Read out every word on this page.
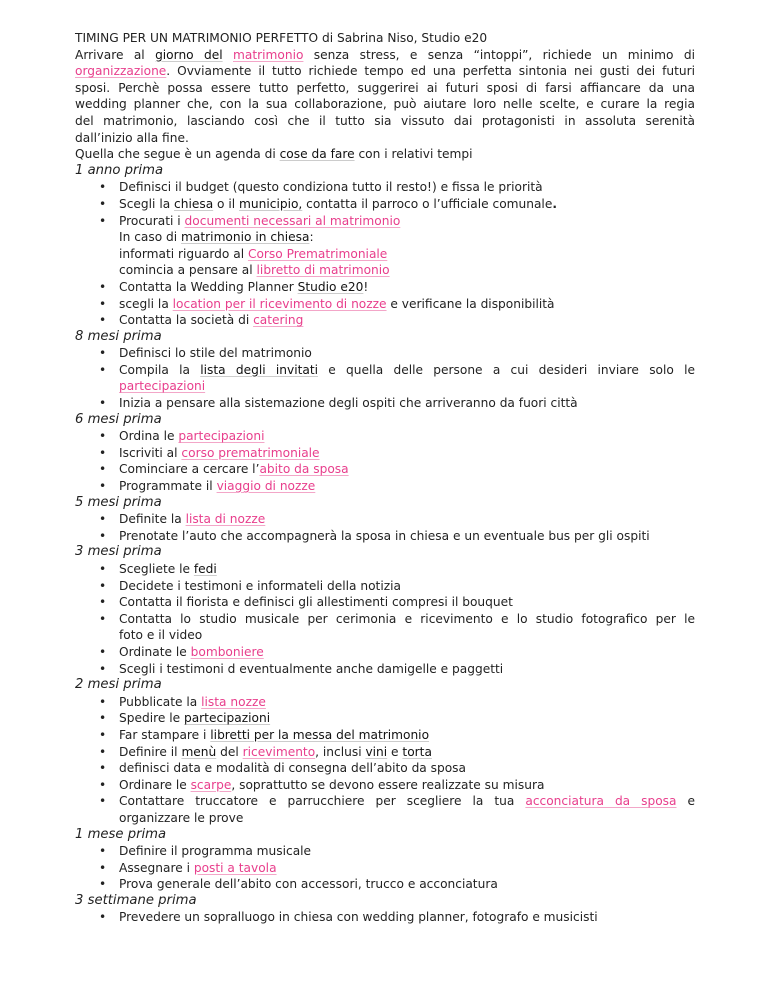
TIMING PER UN MATRIMONIO PERFETTO di Sabrina Niso, Studio e20
Arrivare al giorno del matrimonio senza stress, e senza “intoppi”, richiede un minimo di
organizzazione. Ovviamente il tutto richiede tempo ed una perfetta sintonia nei gusti dei futuri
sposi. Perchè possa essere tutto perfetto, suggerirei ai futuri sposi di farsi affiancare da una
wedding planner che, con la sua collaborazione, può aiutare loro nelle scelte, e curare la regia
del matrimonio, lasciando così che il tutto sia vissuto dai protagonisti in assoluta serenità
dall’inizio alla fine.
Quella che segue è un agenda di cose da fare con i relativi tempi
1 anno prima
• Definisci il budget (questo condiziona tutto il resto!) e fissa le priorità
• Scegli la chiesa o il municipio, contatta il parroco o l’ufficiale comunale.
• Procurati i documenti necessari al matrimonio
In caso di matrimonio in chiesa:
informati riguardo al Corso Prematrimoniale
comincia a pensare al libretto di matrimonio
• Contatta la Wedding Planner Studio e20!
• scegli la location per il ricevimento di nozze e verificane la disponibilità
• Contatta la società di catering
8 mesi prima
• Definisci lo stile del matrimonio
• Compila la lista degli invitati e quella delle persone a cui desideri inviare solo le
partecipazioni
• Inizia a pensare alla sistemazione degli ospiti che arriveranno da fuori città
6 mesi prima
• Ordina le partecipazioni
• Iscriviti al corso prematrimoniale
• Cominciare a cercare l’abito da sposa
• Programmate il viaggio di nozze
5 mesi prima
• Definite la lista di nozze
• Prenotate l’auto che accompagnerà la sposa in chiesa e un eventuale bus per gli ospiti
3 mesi prima
• Scegliete le fedi
• Decidete i testimoni e informateli della notizia
• Contatta il fiorista e definisci gli allestimenti compresi il bouquet
• Contatta lo studio musicale per cerimonia e ricevimento e lo studio fotografico per le
foto e il video
• Ordinate le bomboniere
• Scegli i testimoni d eventualmente anche damigelle e paggetti
2 mesi prima
• Pubblicate la lista nozze
• Spedire le partecipazioni
• Far stampare i libretti per la messa del matrimonio
• Definire il menù del ricevimento, inclusi vini e torta
• definisci data e modalità di consegna dell’abito da sposa
• Ordinare le scarpe, soprattutto se devono essere realizzate su misura
• Contattare truccatore e parrucchiere per scegliere la tua acconciatura da sposa e
organizzare le prove
1 mese prima
• Definire il programma musicale
• Assegnare i posti a tavola
• Prova generale dell’abito con accessori, trucco e acconciatura
3 settimane prima
• Prevedere un sopralluogo in chiesa con wedding planner, fotografo e musicisti
